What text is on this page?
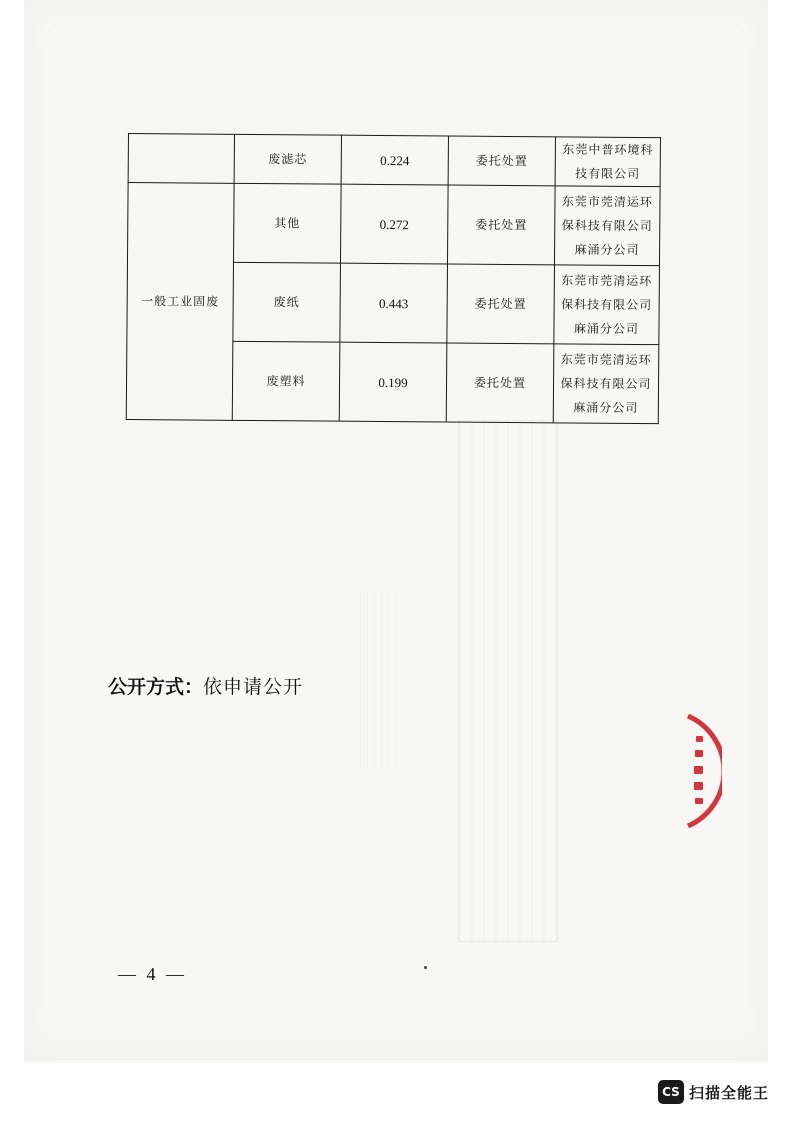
	废滤芯	0.224	委托处置	东莞中普环境科
技有限公司

一般工业固废	其他	0.272	委托处置	东莞市莞清运环
保科技有限公司
麻涌分公司

	废纸	0.443	委托处置	东莞市莞清运环
保科技有限公司
麻涌分公司

	废塑料	0.199	委托处置	东莞市莞清运环
保科技有限公司
麻涌分公司
公开方式：依申请公开
— 4 —
CS 扫描全能王
